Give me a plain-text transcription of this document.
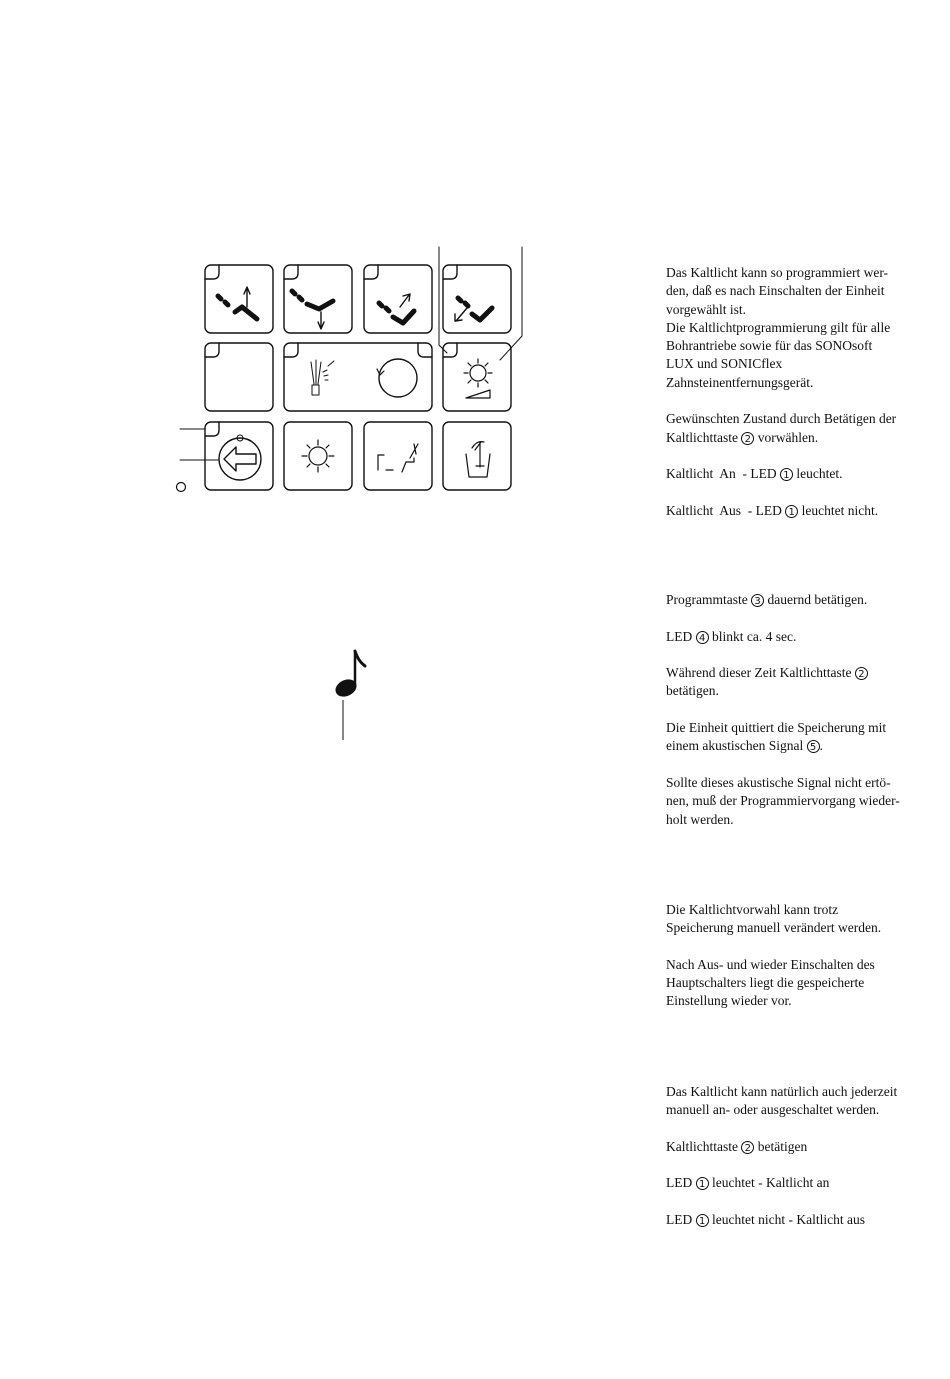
Das Kaltlicht kann so programmiert wer-

den, daß es nach Einschalten der Einheit

vorgewählt ist.

Die Kaltlichtprogrammierung gilt für alle

Bohrantriebe sowie für das SONOsoft

LUX und SONICflex

Zahnsteinentfernungsgerät.

Gewünschten Zustand durch Betätigen der

Kaltlichttaste 2 vorwählen.

Kaltlicht  An  - LED 1 leuchtet.

Kaltlicht  Aus  - LED 1 leuchtet nicht.

Programmtaste 3 dauernd betätigen.

LED 4 blinkt ca. 4 sec.

Während dieser Zeit Kaltlichttaste 2

betätigen.

Die Einheit quittiert die Speicherung mit

einem akustischen Signal 5 .

Sollte dieses akustische Signal nicht ertö-

nen, muß der Programmiervorgang wieder-

holt werden.

Die Kaltlichtvorwahl kann trotz

Speicherung manuell verändert werden.

Nach Aus- und wieder Einschalten des

Hauptschalters liegt die gespeicherte

Einstellung wieder vor.

Das Kaltlicht kann natürlich auch jederzeit

manuell an- oder ausgeschaltet werden.

Kaltlichttaste 2 betätigen

LED 1 leuchtet - Kaltlicht an

LED 1 leuchtet nicht - Kaltlicht aus
